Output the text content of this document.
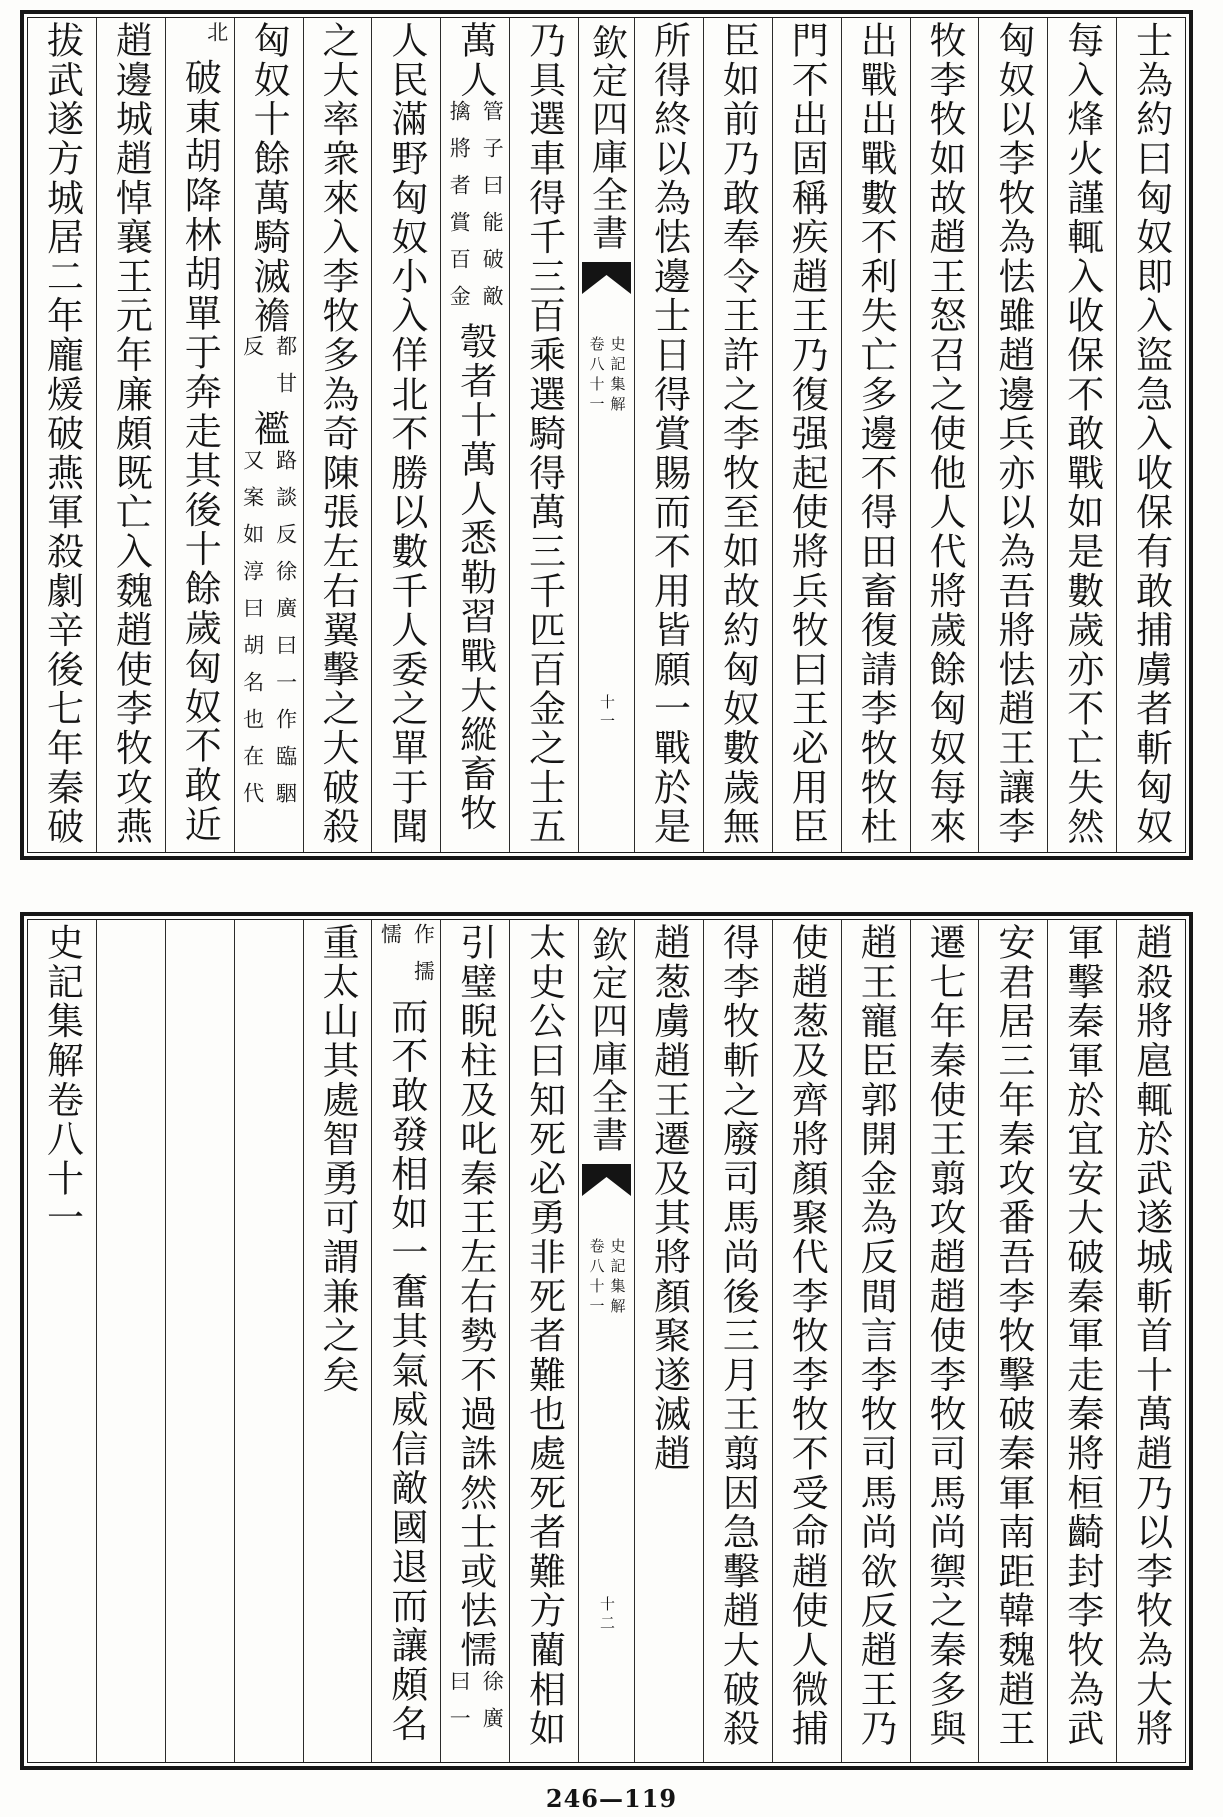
士為約曰匈奴即入盜急入收保有敢捕虜者斬匈奴
每入烽火謹輒入收保不敢戰如是數歲亦不亡失然
匈奴以李牧為怯雖趙邊兵亦以為吾將怯趙王讓李
牧李牧如故趙王怒召之使他人代將歲餘匈奴每來
出戰出戰數不利失亡多邊不得田畜復請李牧牧杜
門不出固稱疾趙王乃復强起使將兵牧曰王必用臣
臣如前乃敢奉令王許之李牧至如故約匈奴數歲無
所得終以為怯邊士日得賞賜而不用皆願一戰於是
欽定四庫全書
史記集解
卷八十一
十一
乃具選車得千三百乘選騎得萬三千匹百金之士五
萬人
管子曰能破敵
擒將者賞百金
彀者十萬人悉勒習戰大縱畜牧
人民滿野匈奴小入佯北不勝以數千人委之單于聞
之大率衆來入李牧多為奇陳張左右翼擊之大破殺
匈奴十餘萬騎滅襜
都甘
反
襤
路談反徐廣曰一作臨駰
又案如淳曰胡名也在代
北
破東胡降林胡單于奔走其後十餘歲匈奴不敢近
趙邊城趙悼襄王元年廉頗既亡入魏趙使李牧攻燕
拔武遂方城居二年龐煖破燕軍殺劇辛後七年秦破
趙殺將扈輒於武遂城斬首十萬趙乃以李牧為大將
軍擊秦軍於宜安大破秦軍走秦將桓齮封李牧為武
安君居三年秦攻番吾李牧擊破秦軍南距韓魏趙王
遷七年秦使王翦攻趙趙使李牧司馬尚禦之秦多與
趙王寵臣郭開金為反間言李牧司馬尚欲反趙王乃
使趙葱及齊將顏聚代李牧李牧不受命趙使人微捕
得李牧斬之廢司馬尚後三月王翦因急擊趙大破殺
趙葱虜趙王遷及其將顏聚遂滅趙
欽定四庫全書
史記集解
卷八十一
十二
太史公曰知死必勇非死者難也處死者難方藺相如
引璧睨柱及叱秦王左右勢不過誅然士或怯懦
徐廣
曰一
作擩
懦
而不敢發相如一奮其氣威信敵國退而讓頗名
重太山其處智勇可謂兼之矣
史記集解卷八十一
246—119
